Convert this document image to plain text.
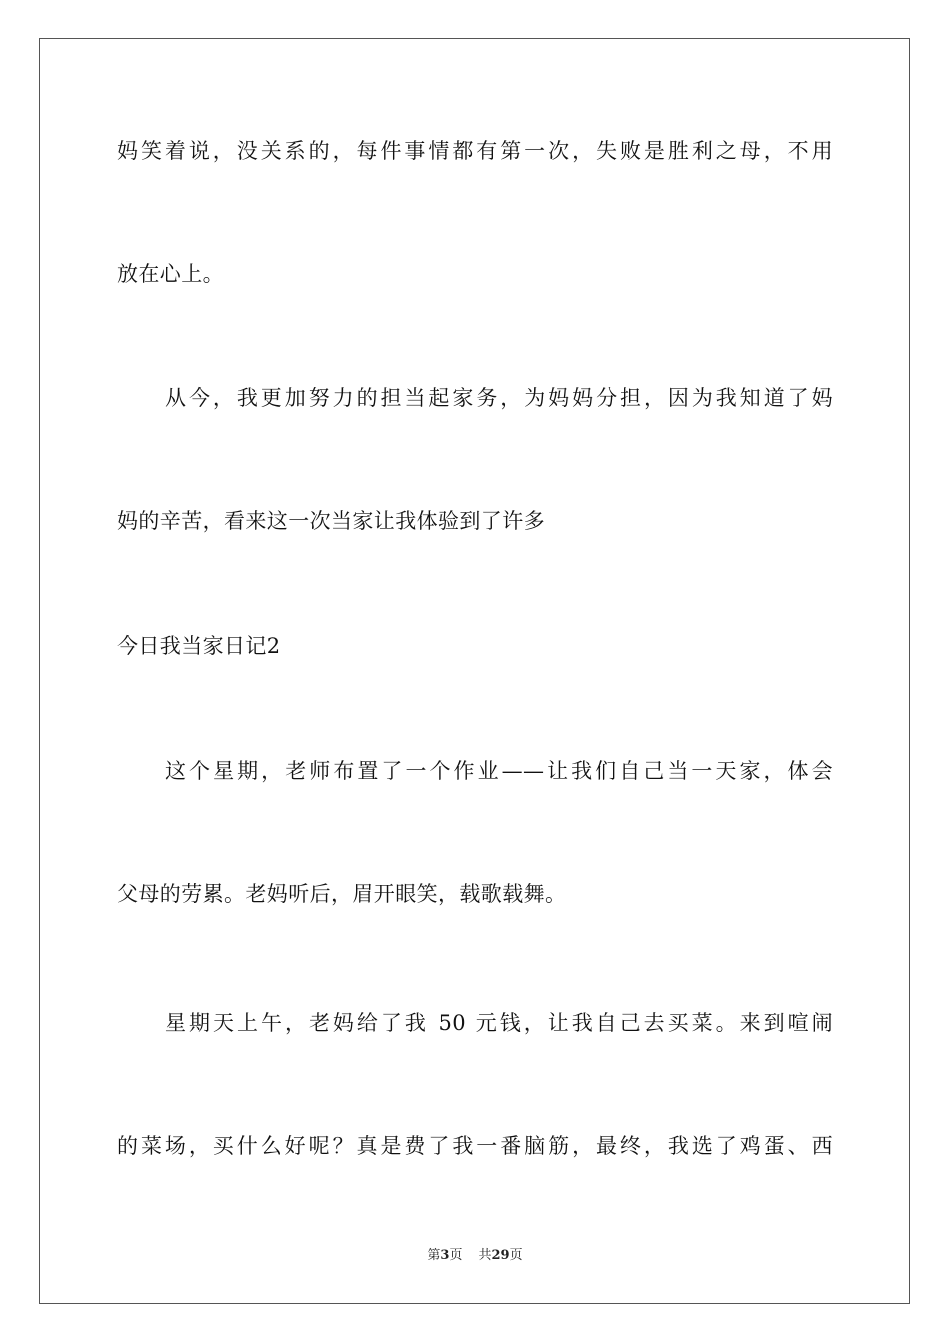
妈笑着说，没关系的，每件事情都有第一次，失败是胜利之母，不用
放在心上。
从今，我更加努力的担当起家务，为妈妈分担，因为我知道了妈
妈的辛苦，看来这一次当家让我体验到了许多
今日我当家日记2
这个星期，老师布置了一个作业——让我们自己当一天家，体会
父母的劳累。老妈听后，眉开眼笑，载歌载舞。
星期天上午，老妈给了我 50 元钱，让我自己去买菜。来到喧闹
的菜场，买什么好呢？真是费了我一番脑筋，最终，我选了鸡蛋、西
第3页 共29页
